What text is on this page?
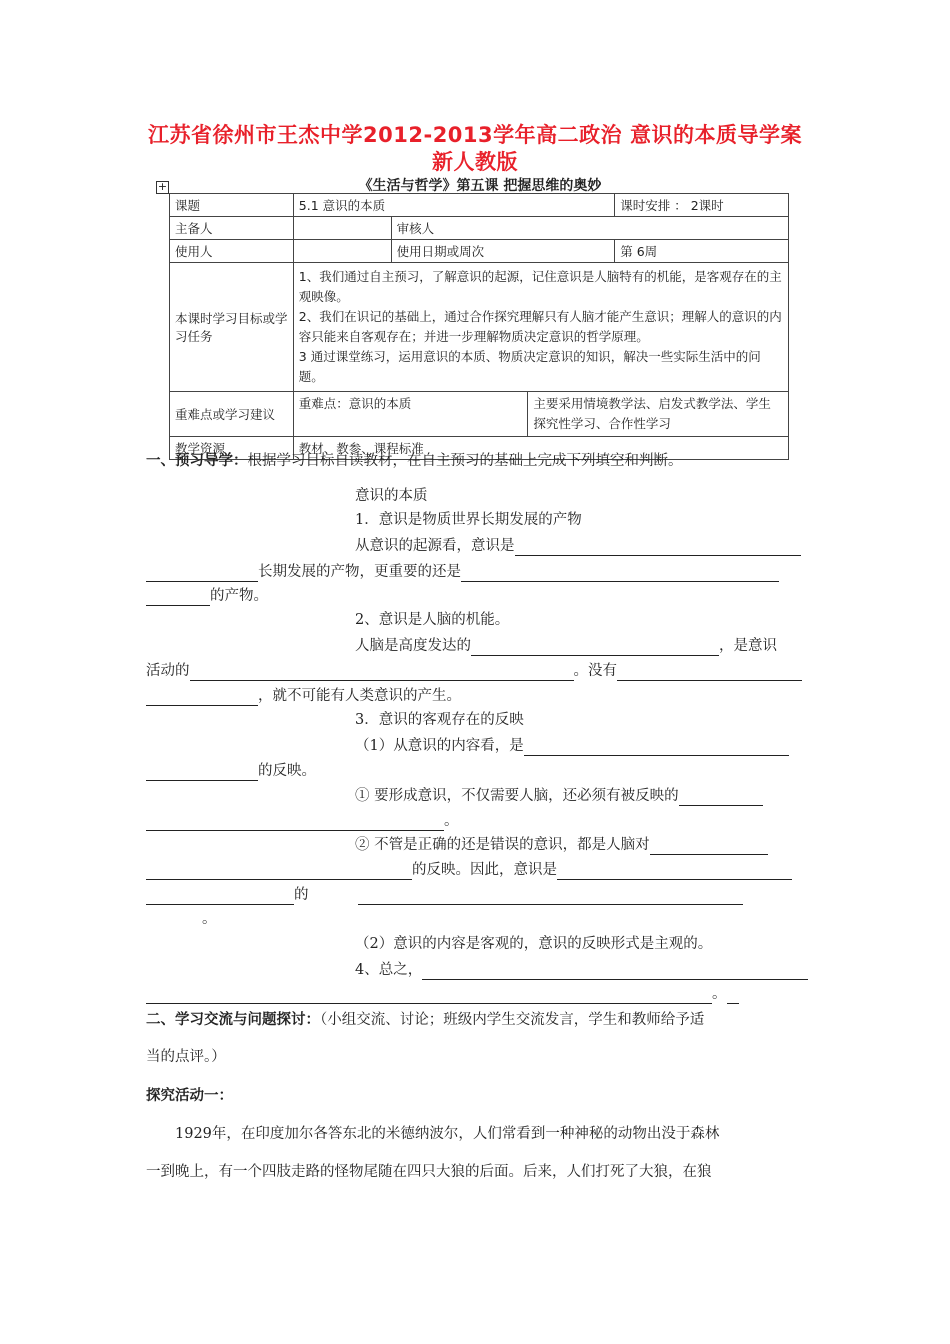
江苏省徐州市王杰中学2012-2013学年高二政治 意识的本质导学案
新人教版
+	《生活与哲学》第五课 把握思维的奥妙
课题	5.1 意识的本质			课时安排 ： 2课时
主备人		审核人		
使用人		使用日期或周次		第 6周
本课时学习目标或学习任务	1、我们通过自主预习，了解意识的起源，记住意识是人脑特有的机能，是客观存在的主观映像。
2、我们在识记的基础上，通过合作探究理解只有人脑才能产生意识；理解人的意识的内容只能来自客观存在；并进一步理解物质决定意识的哲学原理。
3 通过课堂练习，运用意识的本质、物质决定意识的知识，解决一些实际生活中的问题。			

重难点或学习建议	重难点：意识的本质		主要采用情境教学法、启发式教学法、学生探究性学习、合作性学习	
教学资源	教材、教参、课程标准			
一、预习导学：根据学习目标自读教材，在自主预习的基础上完成下列填空和判断。
意识的本质
1．意识是物质世界长期发展的产物
从意识的起源看，意识是
长期发展的产物，更重要的还是
的产物。
2、意识是人脑的机能。
人脑是高度发达的	，是意识
活动的	。没有
，就不可能有人类意识的产生。
3．意识的客观存在的反映
（1）从意识的内容看，是
的反映。
① 要形成意识，不仅需要人脑，还必须有被反映的
。
② 不管是正确的还是错误的意识，都是人脑对
的反映。因此，意识是
的
。
（2）意识的内容是客观的，意识的反映形式是主观的。
4、总之，
。
二、学习交流与问题探讨：（小组交流、讨论；班级内学生交流发言，学生和教师给予适
当的点评。）
探究活动一：
1929年，在印度加尔各答东北的米德纳波尔，人们常看到一种神秘的动物出没于森林
一到晚上，有一个四肢走路的怪物尾随在四只大狼的后面。后来，人们打死了大狼，在狼
